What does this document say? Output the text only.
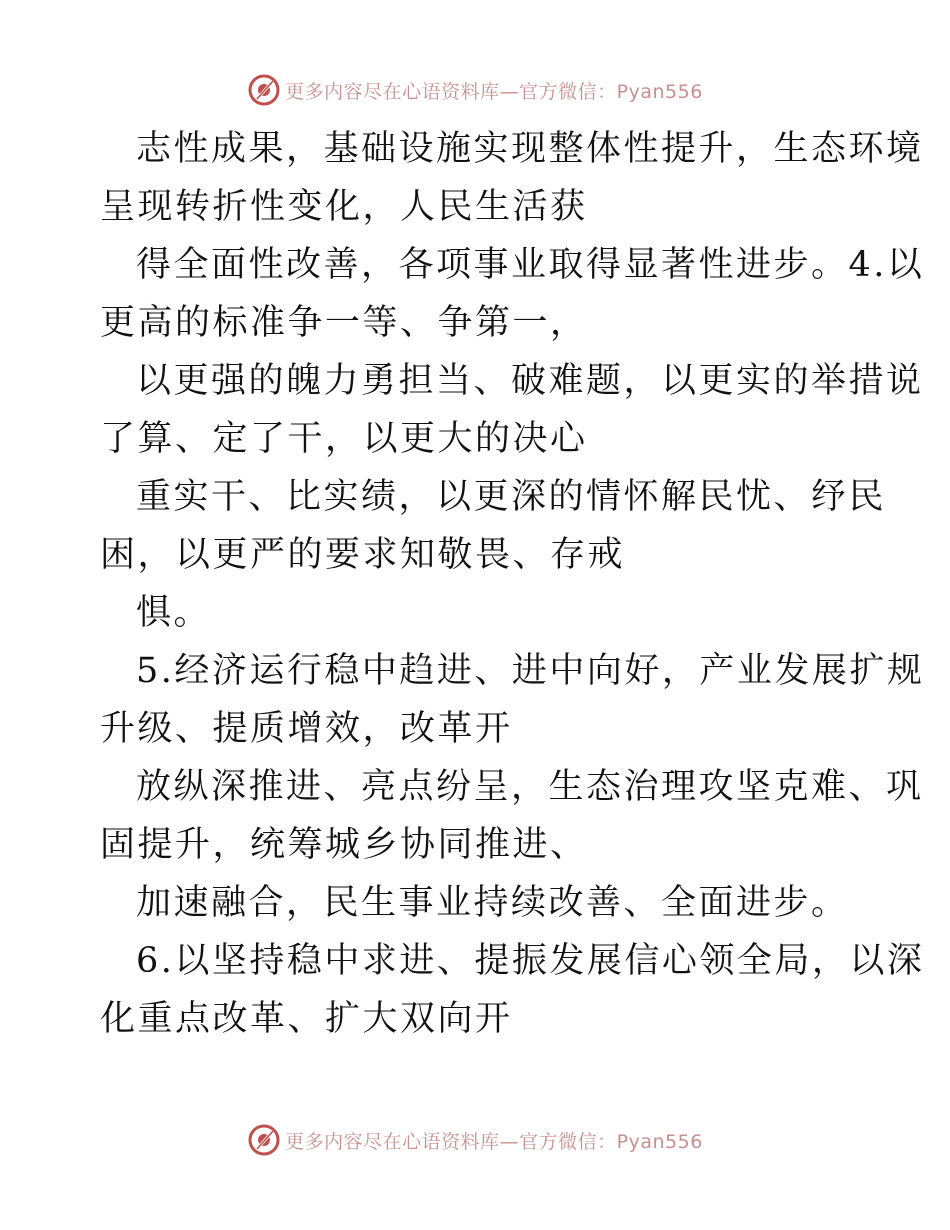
更多内容尽在心语资料库—官方微信：Pyan556
志性成果，基础设施实现整体性提升，生态环境
呈现转折性变化，人民生活获
得全面性改善，各项事业取得显著性进步。4.以
更高的标准争一等、争第一，
以更强的魄力勇担当、破难题，以更实的举措说
了算、定了干，以更大的决心
重实干、比实绩，以更深的情怀解民忧、纾民
困，以更严的要求知敬畏、存戒
惧。
5.经济运行稳中趋进、进中向好，产业发展扩规
升级、提质增效，改革开
放纵深推进、亮点纷呈，生态治理攻坚克难、巩
固提升，统筹城乡协同推进、
加速融合，民生事业持续改善、全面进步。
6.以坚持稳中求进、提振发展信心领全局，以深
化重点改革、扩大双向开
更多内容尽在心语资料库—官方微信：Pyan556
